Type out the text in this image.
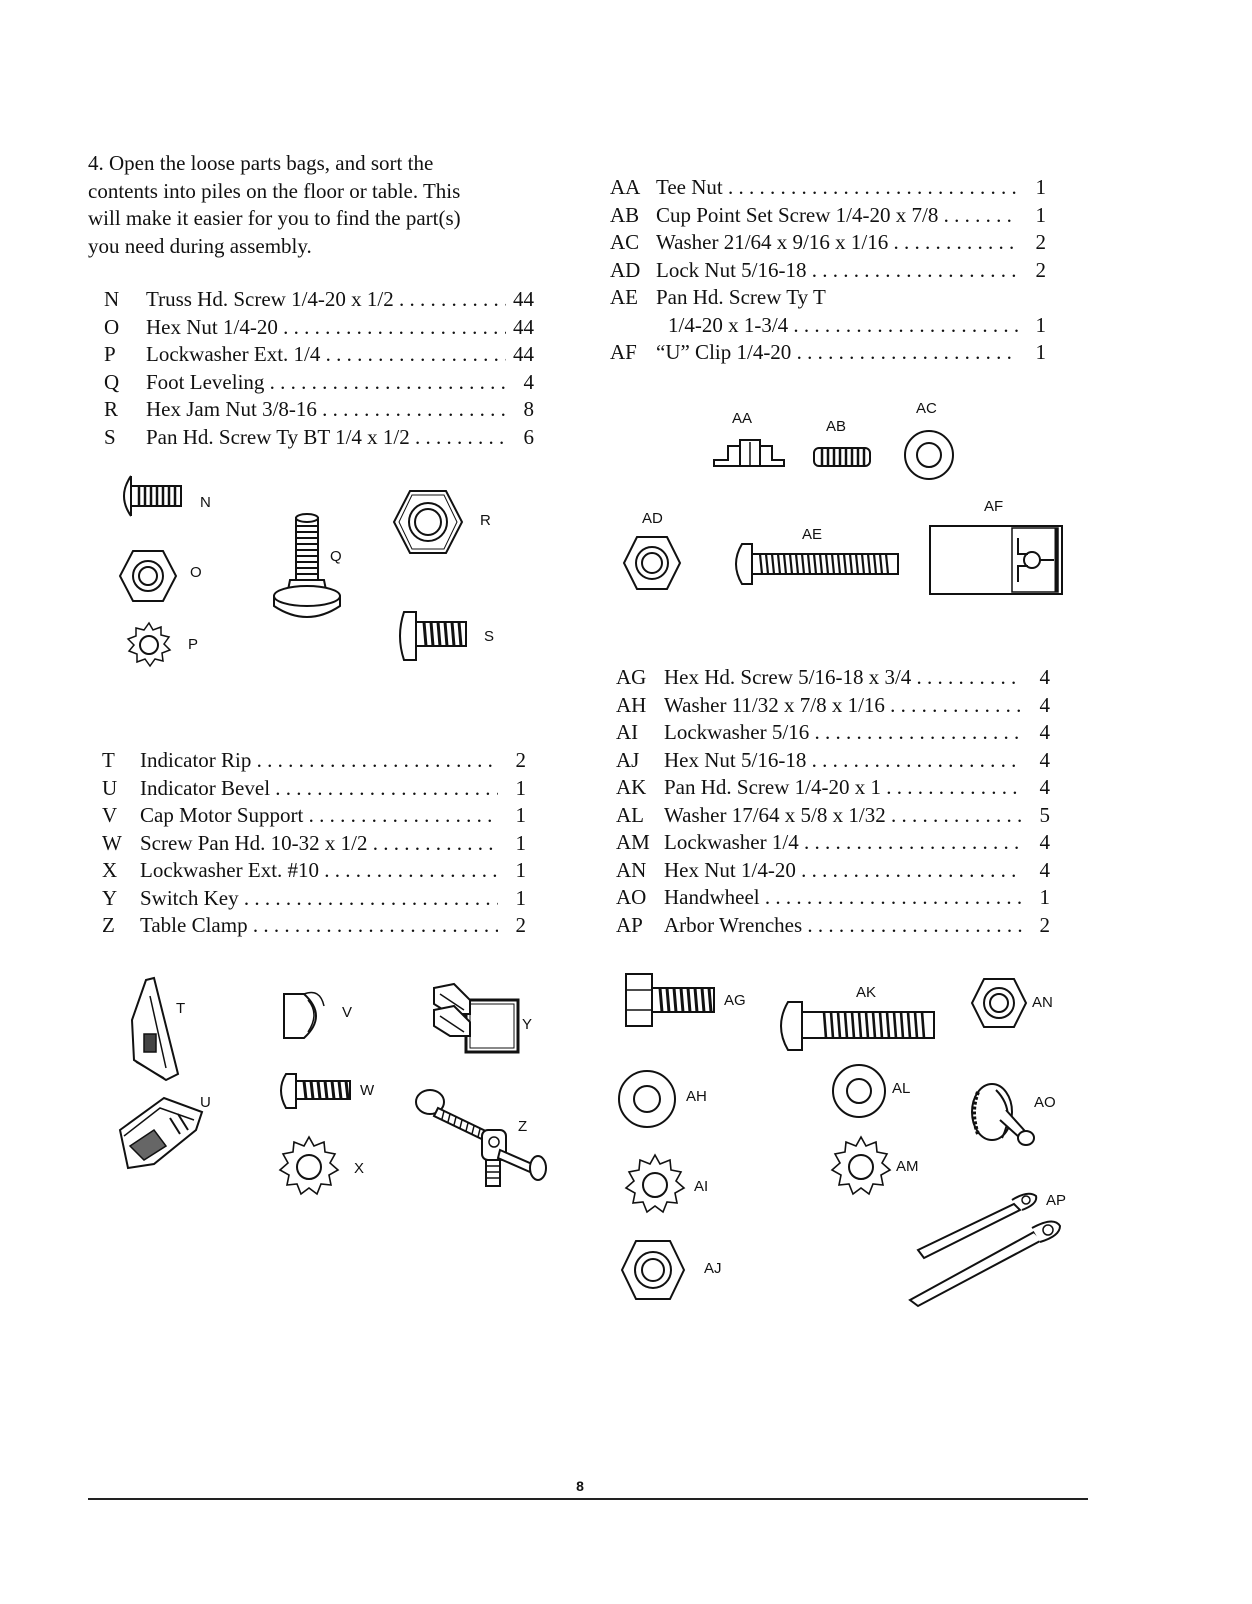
4. Open the loose parts bags, and sort the
contents into piles on the floor or table. This
will make it easier for you to find the part(s)
you need during assembly.
N	Truss Hd. Screw 1/4-20 x 1/2 . . .	44
O	Hex Nut 1/4-20 . . .	44
P	Lockwasher Ext. 1/4 . . .	44
Q	Foot Leveling . . .	4
R	Hex Jam Nut 3/8-16 . . .	8
S	Pan Hd. Screw Ty BT 1/4 x 1/2 . . .	6
AA Tee Nut . . .	1
AB Cup Point Set Screw 1/4-20 x 7/8 . . .	1
AC Washer 21/64 x 9/16 x 1/16 . . .	2
AD Lock Nut 5/16-18 . . .	2
AE Pan Hd. Screw Ty T
1/4-20 x 1-3/4 . . .	1
AF “U” Clip 1/4-20 . . .	1
T	Indicator Rip . . .	2
U	Indicator Bevel . . .	1
V	Cap Motor Support . . .	1
W Screw Pan Hd. 10-32 x 1/2 . . .	1
X	Lockwasher Ext. #10 . . .	1
Y	Switch Key . . .	1
Z	Table Clamp . . .	2
AG Hex Hd. Screw 5/16-18 x 3/4 . . .	4
AH Washer 11/32 x 7/8 x 1/16 . . .	4
AI	Lockwasher 5/16 . . .	4
AJ	Hex Nut 5/16-18 . . .	4
AK Pan Hd. Screw 1/4-20 x 1 . . .	4
AL Washer 17/64 x 5/8 x 1/32 . . .	5
AM Lockwasher 1/4 . . .	4
AN Hex Nut 1/4-20 . . .	4
AO Handwheel . . .	1
AP	Arbor Wrenches . . .	2
N
O
P
Q
R
S
AA	AB
AC
AD
AE
AF
T
U
V
W
X
Y
Z
AG	AK
AN
AH	AL
AO
AI
AM
AP
AJ
8
